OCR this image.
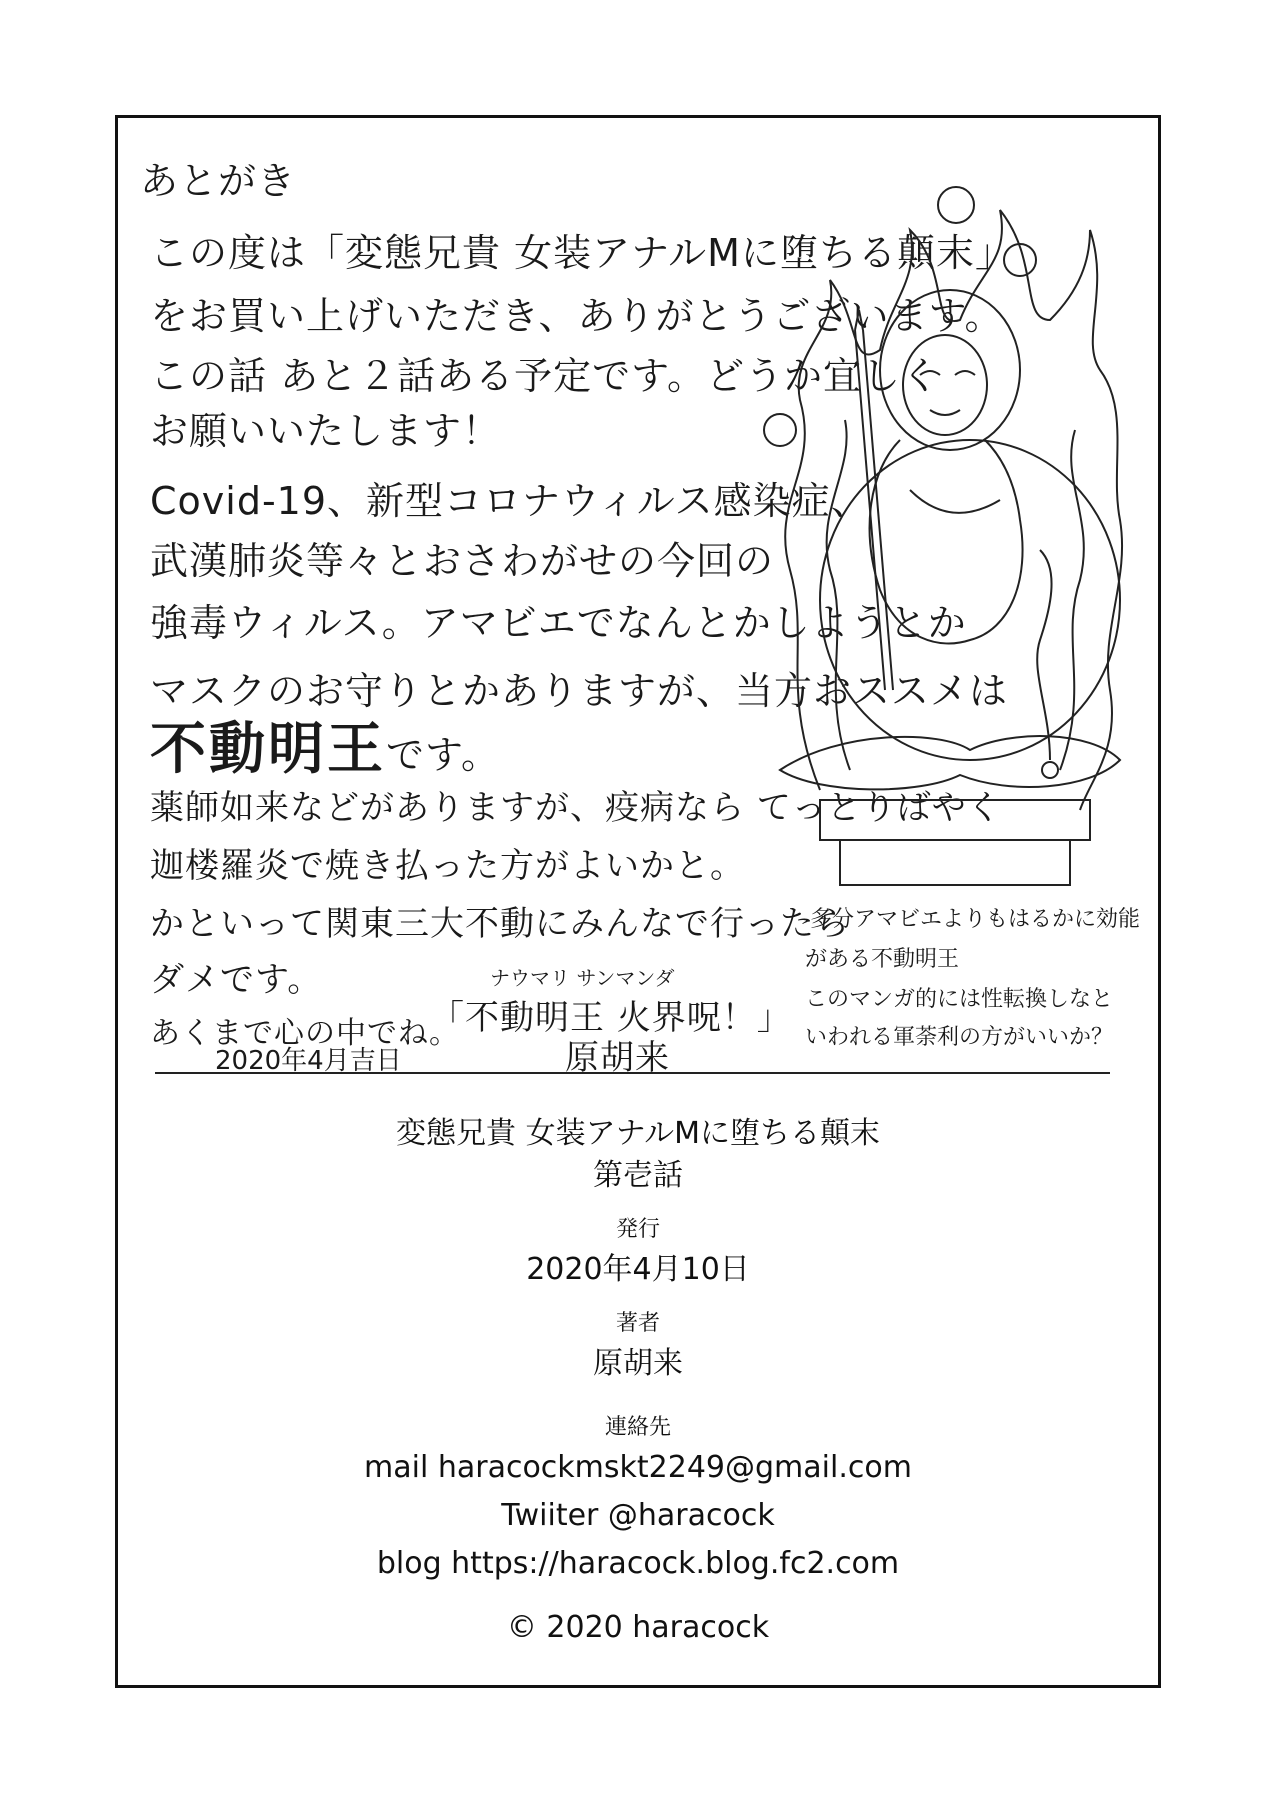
あとがき
この度は「変態兄貴 女装アナルMに堕ちる顛末」
をお買い上げいただき、ありがとうございます。
この話 あと２話ある予定です。どうか宜しく
お願いいたします！
Covid-19、新型コロナウィルス感染症、
武漢肺炎等々とおさわがせの今回の
強毒ウィルス。アマビエでなんとかしようとか
マスクのお守りとかありますが、当方おススメは
不動明王です。
薬師如来などがありますが、疫病なら てっとりばやく
迦楼羅炎で焼き払った方がよいかと。
かといって関東三大不動にみんなで行ったら
ダメです。
あくまで心の中でね。
ナウマリ サンマンダ
「不動明王 火界呪！」
2020年4月吉日	原胡来
多分アマビエよりもはるかに効能
がある不動明王
このマンガ的には性転換しなと
いわれる軍荼利の方がいいか？
変態兄貴 女装アナルMに堕ちる顛末
第壱話
発行
2020年4月10日
著者
原胡来
連絡先
mail haracockmskt2249@gmail.com
Twiiter @haracock
blog https://haracock.blog.fc2.com
© 2020 haracock
